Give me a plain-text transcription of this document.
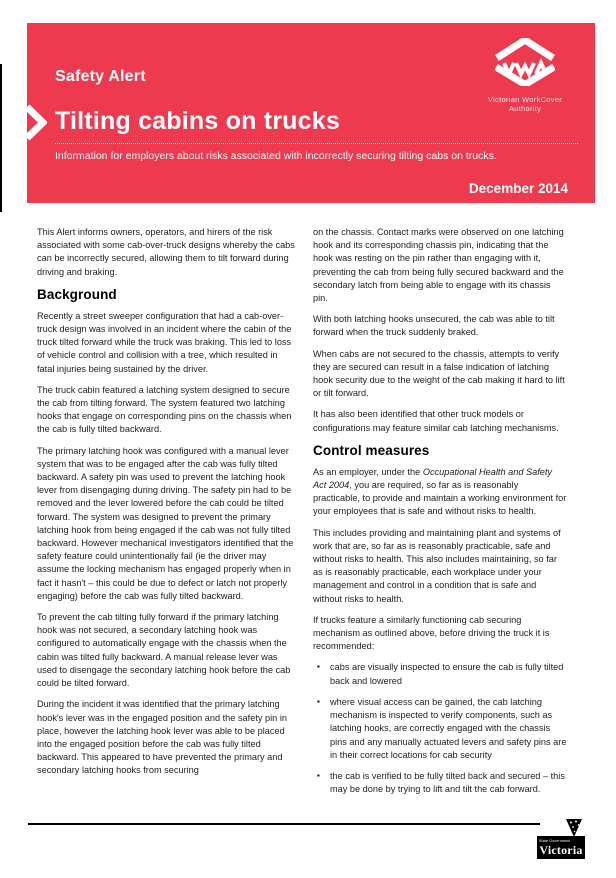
Safety Alert
Tilting cabins on trucks
Information for employers about risks associated with incorrectly securing tilting cabs on trucks.
December 2014
Victorian WorkCover
Authority

This Alert informs owners, operators, and hirers of the risk associated with some cab-over-truck designs whereby the cabs can be incorrectly secured, allowing them to tilt forward during driving and braking.

Background

Recently a street sweeper configuration that had a cab-over-truck design was involved in an incident where the cabin of the truck tilted forward while the truck was braking. This led to loss of vehicle control and collision with a tree, which resulted in fatal injuries being sustained by the driver.

The truck cabin featured a latching system designed to secure the cab from tilting forward. The system featured two latching hooks that engage on corresponding pins on the chassis when the cab is fully tilted backward.

The primary latching hook was configured with a manual lever system that was to be engaged after the cab was fully tilted backward. A safety pin was used to prevent the latching hook lever from disengaging during driving. The safety pin had to be removed and the lever lowered before the cab could be tilted forward. The system was designed to prevent the primary latching hook from being engaged if the cab was not fully tilted backward. However mechanical investigators identified that the safety feature could unintentionally fail (ie the driver may assume the locking mechanism has engaged properly when in fact it hasn't – this could be due to defect or latch not properly engaging) before the cab was fully tilted backward.

To prevent the cab tilting fully forward if the primary latching hook was not secured, a secondary latching hook was configured to automatically engage with the chassis when the cabin was tilted fully backward. A manual release lever was used to disengage the secondary latching hook before the cab could be tilted forward.

During the incident it was identified that the primary latching hook's lever was in the engaged position and the safety pin in place, however the latching hook lever was able to be placed into the engaged position before the cab was fully tilted backward. This appeared to have prevented the primary and secondary latching hooks from securing

on the chassis. Contact marks were observed on one latching hook and its corresponding chassis pin, indicating that the hook was resting on the pin rather than engaging with it, preventing the cab from being fully secured backward and the secondary latch from being able to engage with its chassis pin.

With both latching hooks unsecured, the cab was able to tilt forward when the truck suddenly braked.

When cabs are not secured to the chassis, attempts to verify they are secured can result in a false indication of latching hook security due to the weight of the cab making it hard to lift or tilt forward.

It has also been identified that other truck models or configurations may feature similar cab latching mechanisms.

Control measures

As an employer, under the Occupational Health and Safety Act 2004, you are required, so far as is reasonably practicable, to provide and maintain a working environment for your employees that is safe and without risks to health.

This includes providing and maintaining plant and systems of work that are, so far as is reasonably practicable, safe and without risks to health. This also includes maintaining, so far as is reasonably practicable, each workplace under your management and control in a condition that is safe and without risks to health.

If trucks feature a similarly functioning cab securing mechanism as outlined above, before driving the truck it is recommended:

▪ cabs are visually inspected to ensure the cab is fully tilted back and lowered
▪ where visual access can be gained, the cab latching mechanism is inspected to verify components, such as latching hooks, are correctly engaged with the chassis pins and any manually actuated levers and safety pins are in their correct locations for cab security
▪ the cab is verified to be fully tilted back and secured – this may be done by trying to lift and tilt the cab forward.
State Government
Victoria
